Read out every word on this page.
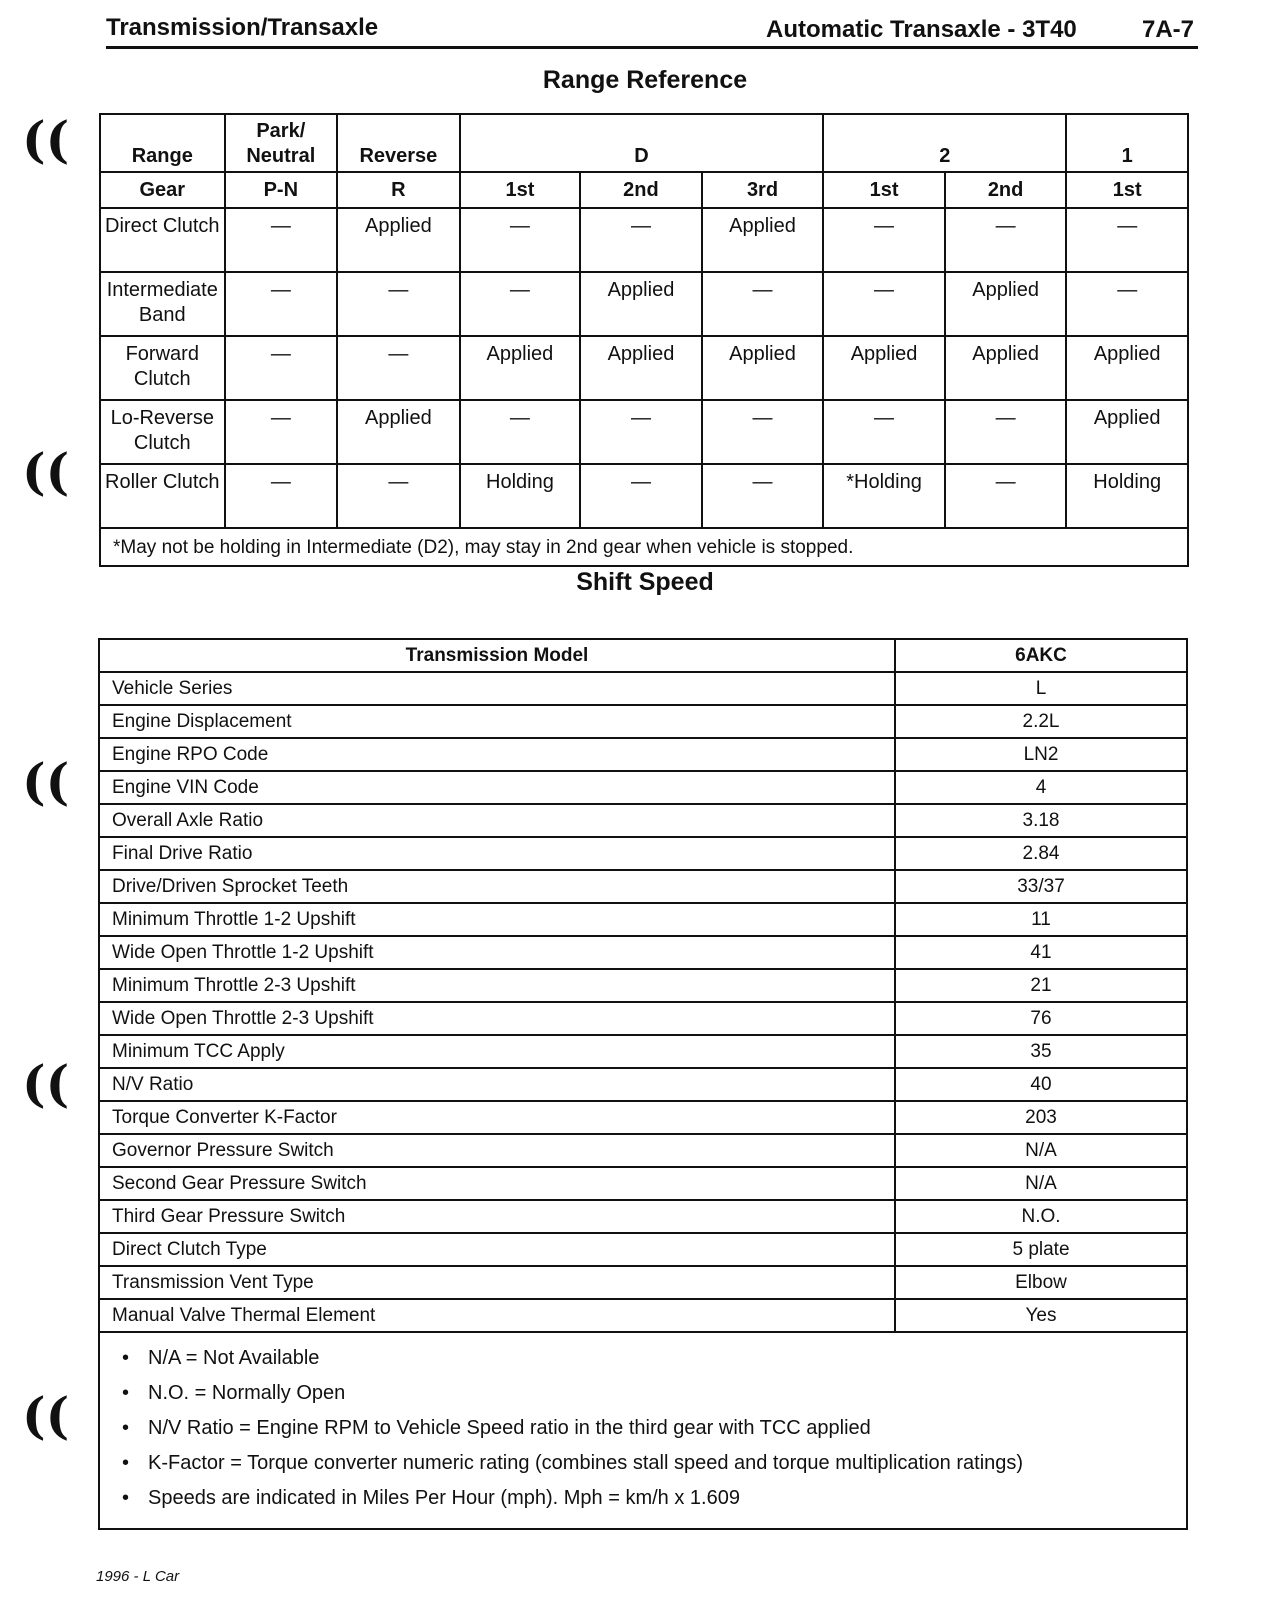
((
((
((
((
((
Transmission/Transaxle	Automatic Transaxle - 3T40	7A-7
Range Reference
Range	Park/ Neutral	Reverse	D			2		1
Gear	P-N	R	1st	2nd	3rd	1st	2nd	1st
Direct Clutch	—	Applied	—	—	Applied	—	—	—
Intermediate Band	—	—	—	Applied	—	—	Applied	—
Forward Clutch	—	—	Applied	Applied	Applied	Applied	Applied	Applied
Lo-Reverse Clutch	—	Applied	—	—	—	—	—	Applied
Roller Clutch	—	—	Holding	—	—	*Holding	—	Holding
*May not be holding in Intermediate (D2), may stay in 2nd gear when vehicle is stopped.								
Shift Speed
Transmission Model	6AKC
Vehicle Series	L
Engine Displacement	2.2L
Engine RPO Code	LN2
Engine VIN Code	4
Overall Axle Ratio	3.18
Final Drive Ratio	2.84
Drive/Driven Sprocket Teeth	33/37
Minimum Throttle 1-2 Upshift	11
Wide Open Throttle 1-2 Upshift	41
Minimum Throttle 2-3 Upshift	21
Wide Open Throttle 2-3 Upshift	76
Minimum TCC Apply	35
N/V Ratio	40
Torque Converter K-Factor	203
Governor Pressure Switch	N/A
Second Gear Pressure Switch	N/A
Third Gear Pressure Switch	N.O.
Direct Clutch Type	5 plate
Transmission Vent Type	Elbow
Manual Valve Thermal Element	Yes

• N/A = Not Available
• N.O. = Normally Open
• N/V Ratio = Engine RPM to Vehicle Speed ratio in the third gear with TCC applied
• K-Factor = Torque converter numeric rating (combines stall speed and torque multiplication ratings)
• Speeds are indicated in Miles Per Hour (mph). Mph = km/h x 1.609	
1996 - L Car
